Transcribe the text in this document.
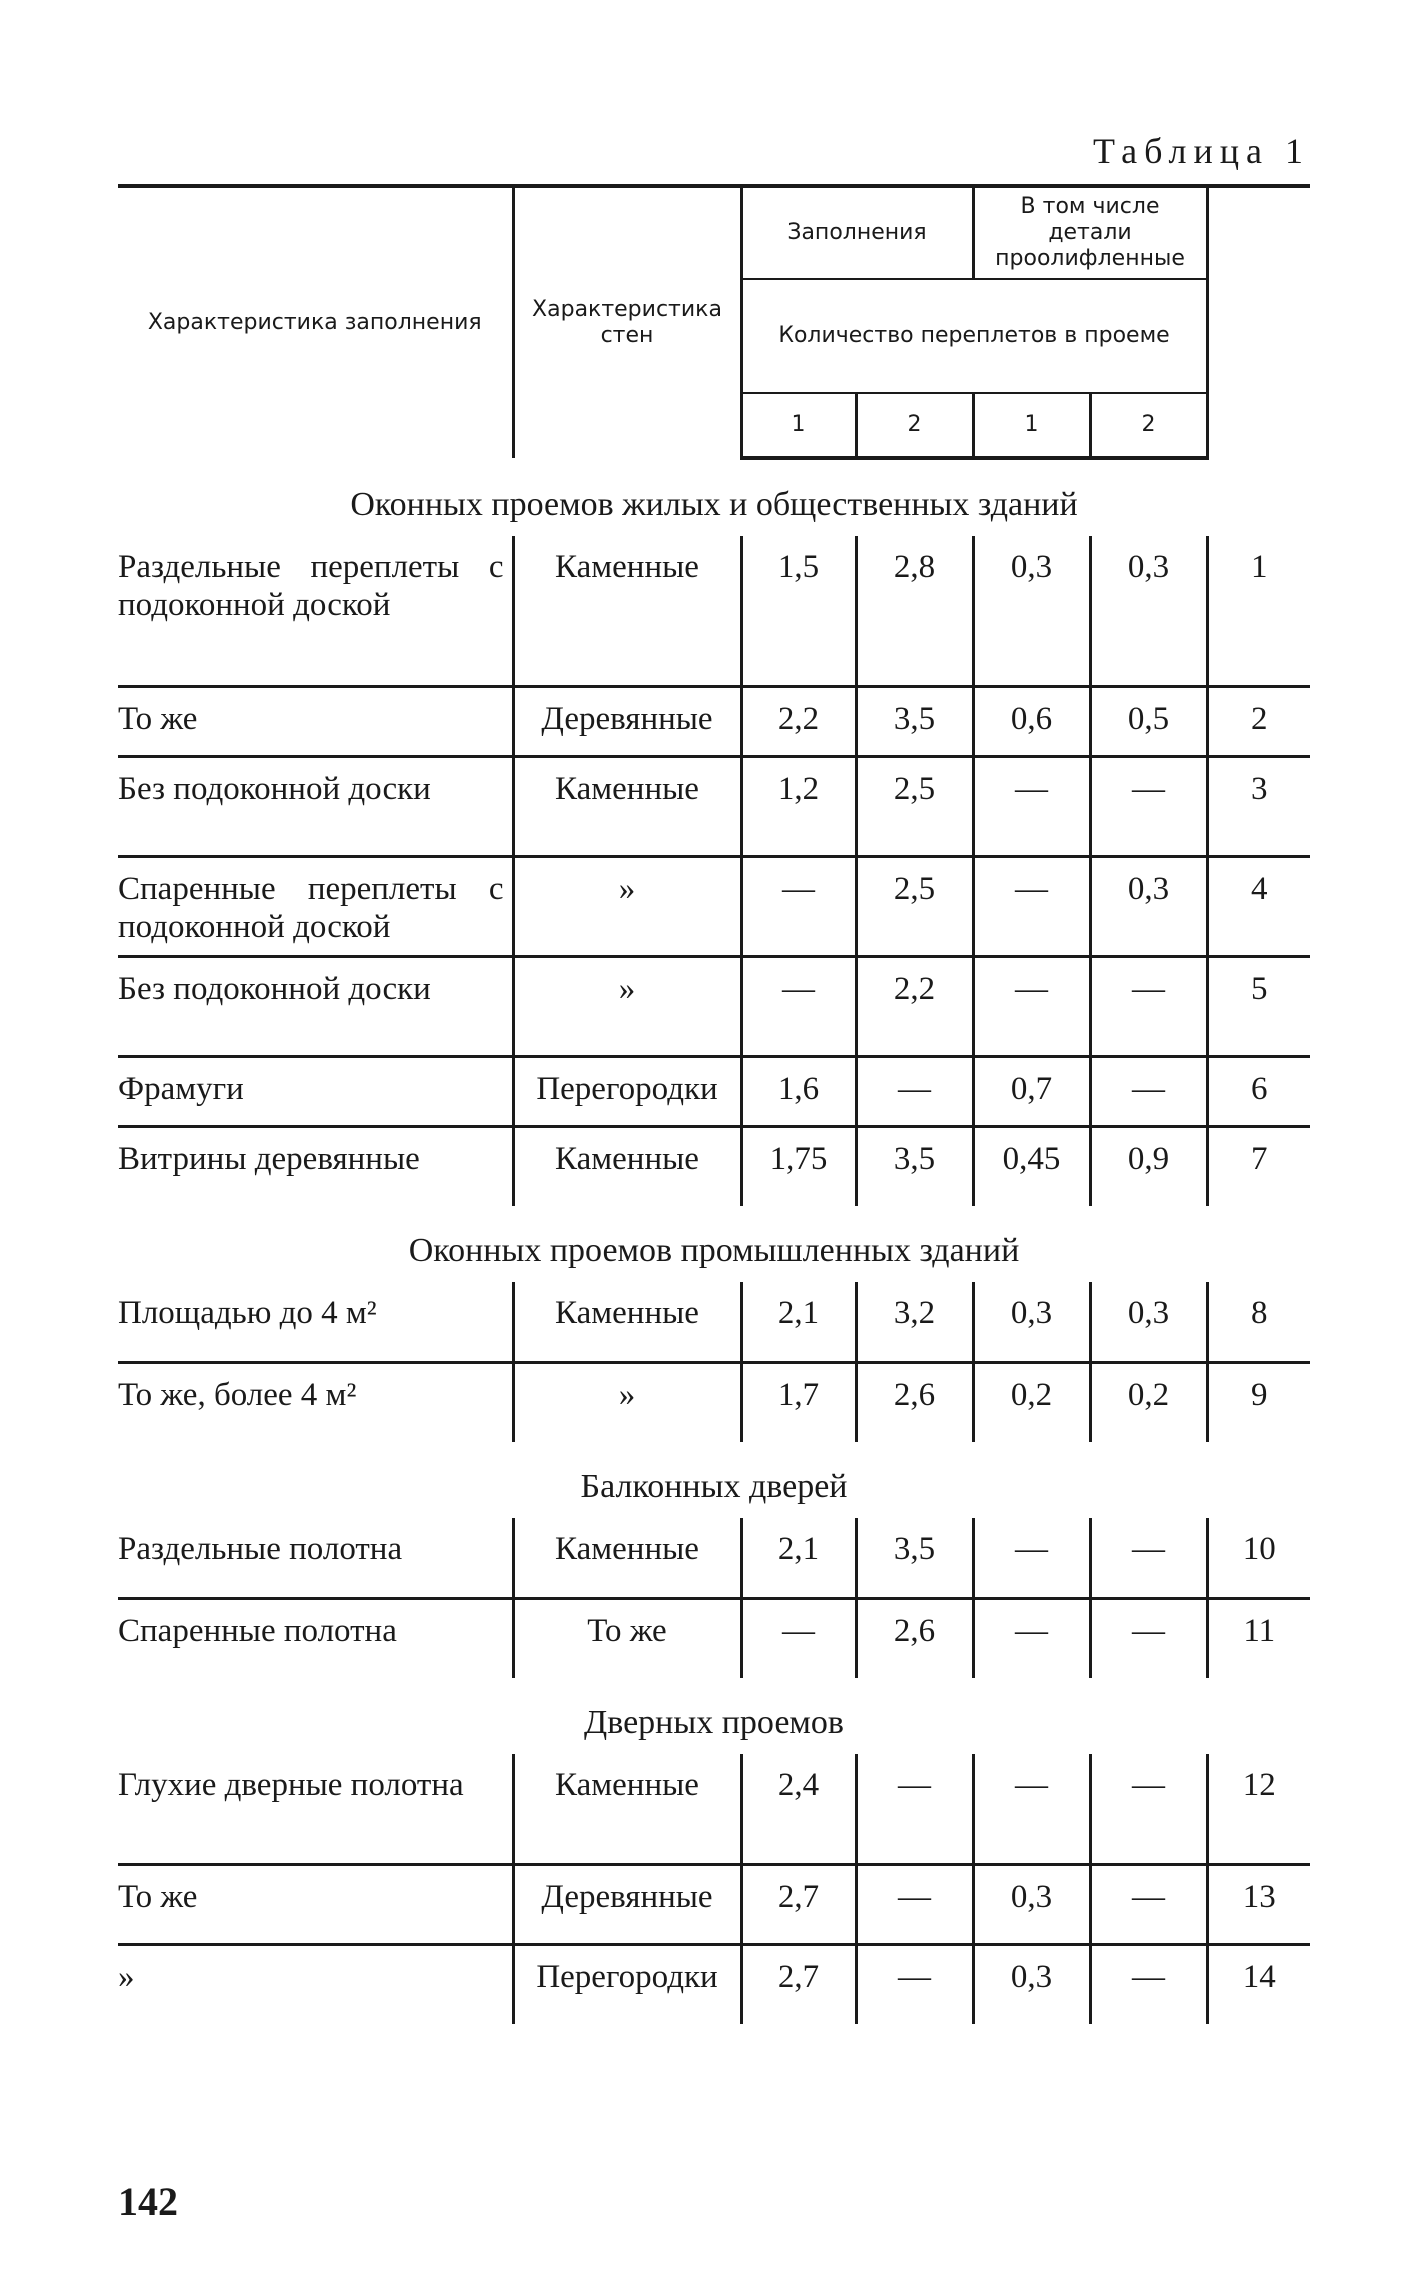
Таблица 1
Характеристика заполнения	Характеристика стен	Заполнения		В том числе детали проолифленные		
		Количество переплетов в проеме				
		1	2	1	2	
Оконных проемов жилых и общественных зданий						
Раздельные переплеты с подоконной доской	Каменные	1,5	2,8	0,3	0,3	1
То же	Деревянные	2,2	3,5	0,6	0,5	2
Без подоконной доски	Каменные	1,2	2,5	—	—	3
Спаренные переплеты с подоконной доской	»	—	2,5	—	0,3	4
Без подоконной доски	»	—	2,2	—	—	5
Фрамуги	Перегородки	1,6	—	0,7	—	6
Витрины деревянные	Каменные	1,75	3,5	0,45	0,9	7
Оконных проемов промышленных зданий						
Площадью до 4 м²	Каменные	2,1	3,2	0,3	0,3	8
То же, более 4 м²	»	1,7	2,6	0,2	0,2	9
Балконных дверей						
Раздельные полотна	Каменные	2,1	3,5	—	—	10
Спаренные полотна	То же	—	2,6	—	—	11
Дверных проемов						
Глухие дверные полотна	Каменные	2,4	—	—	—	12
То же	Деревянные	2,7	—	0,3	—	13
»	Перегородки	2,7	—	0,3	—	14
142
